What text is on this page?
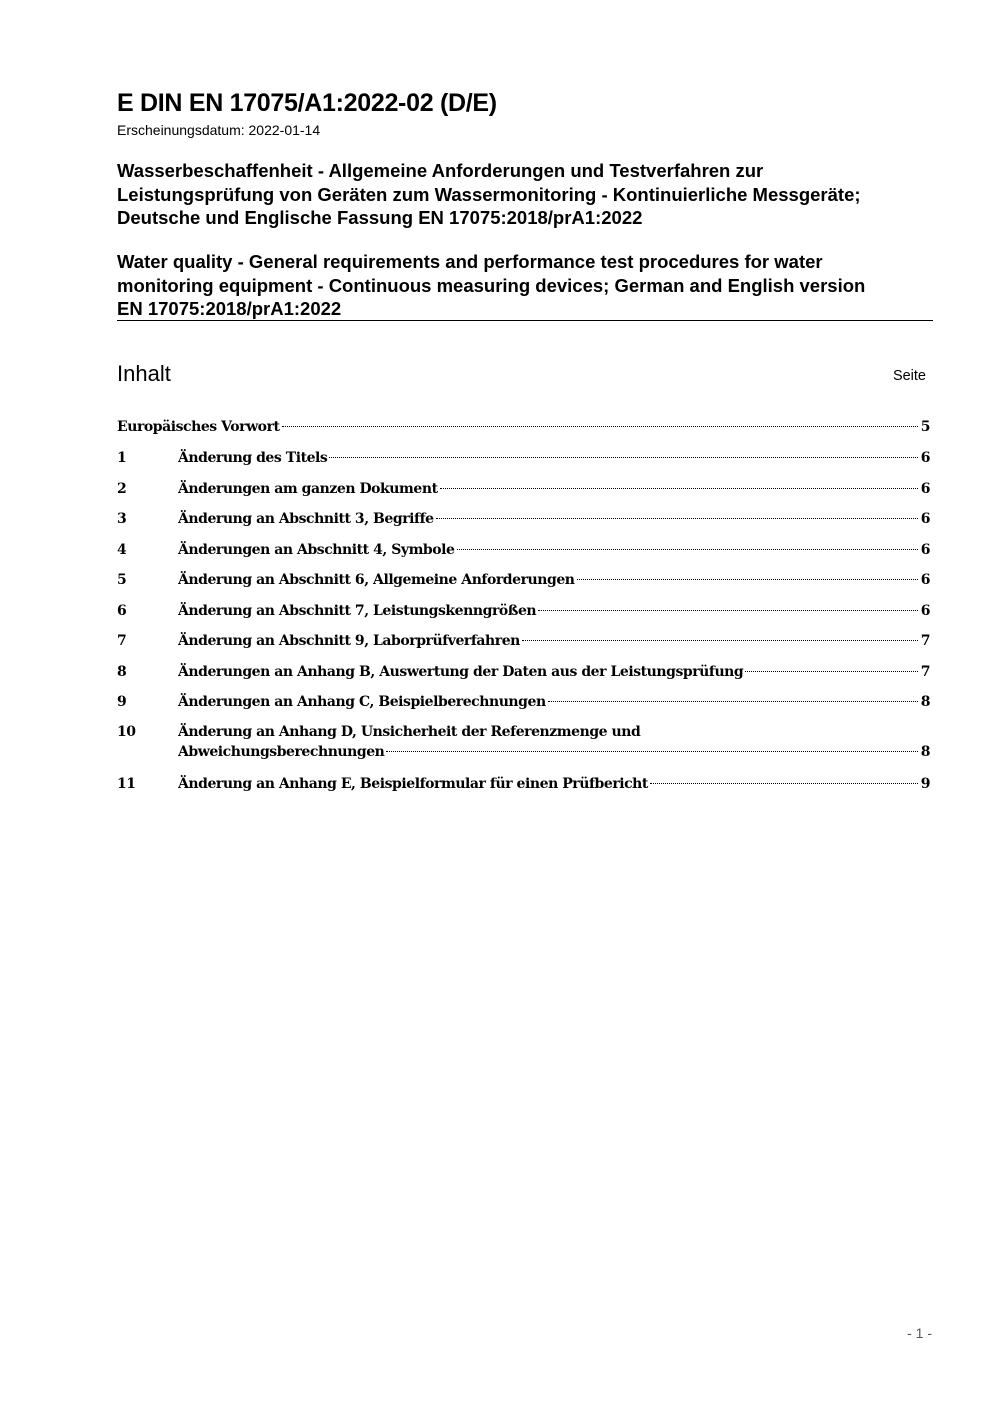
E DIN EN 17075/A1:2022-02 (D/E)
Erscheinungsdatum: 2022-01-14
Wasserbeschaffenheit - Allgemeine Anforderungen und Testverfahren zur
Leistungsprüfung von Geräten zum Wassermonitoring - Kontinuierliche Messgeräte;
Deutsche und Englische Fassung EN 17075:2018/prA1:2022
Water quality - General requirements and performance test procedures for water
monitoring equipment - Continuous measuring devices; German and English version
EN 17075:2018/prA1:2022
Inhalt	Seite
Europäisches Vorwort	5
1	Änderung des Titels	6
2	Änderungen am ganzen Dokument	6
3	Änderung an Abschnitt 3, Begriffe	6
4	Änderungen an Abschnitt 4, Symbole	6
5	Änderung an Abschnitt 6, Allgemeine Anforderungen	6
6	Änderung an Abschnitt 7, Leistungskenngrößen	6
7	Änderung an Abschnitt 9, Laborprüfverfahren	7
8	Änderungen an Anhang B, Auswertung der Daten aus der Leistungsprüfung	7
9	Änderungen an Anhang C, Beispielberechnungen	8
10	Änderung an Anhang D, Unsicherheit der Referenzmenge und
Abweichungsberechnungen	8
11	Änderung an Anhang E, Beispielformular für einen Prüfbericht	9
- 1 -
